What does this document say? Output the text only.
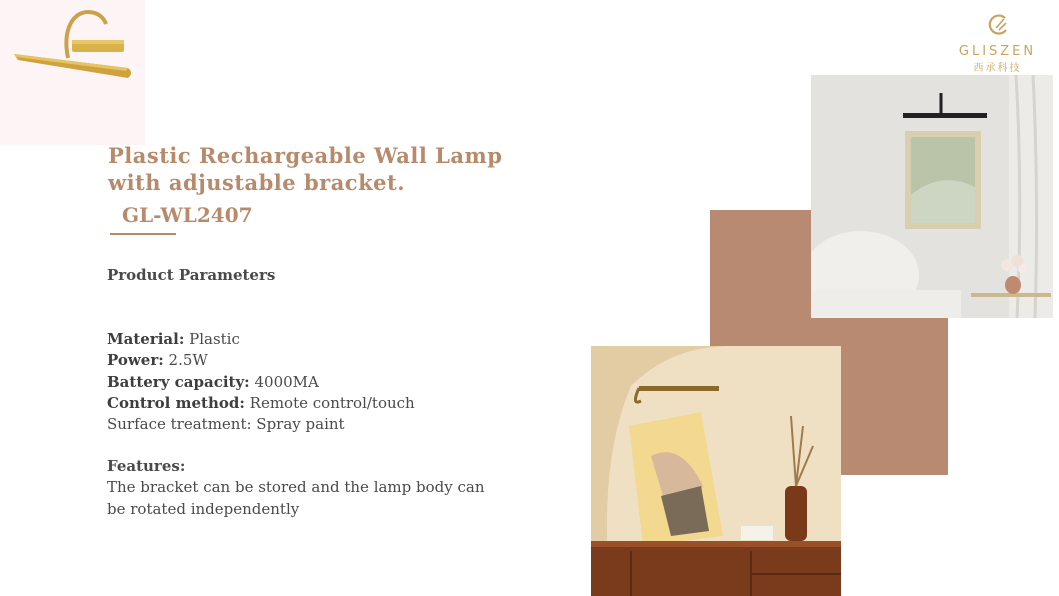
GLISZEN
西承科技
Plastic Rechargeable Wall Lamp with adjustable bracket.
GL-WL2407
Product Parameters
Material: Plastic
Power: 2.5W
Battery capacity: 4000MA
Control method: Remote control/touch
Surface treatment: Spray paint
Features:
The bracket can be stored and the lamp body can be rotated independently
